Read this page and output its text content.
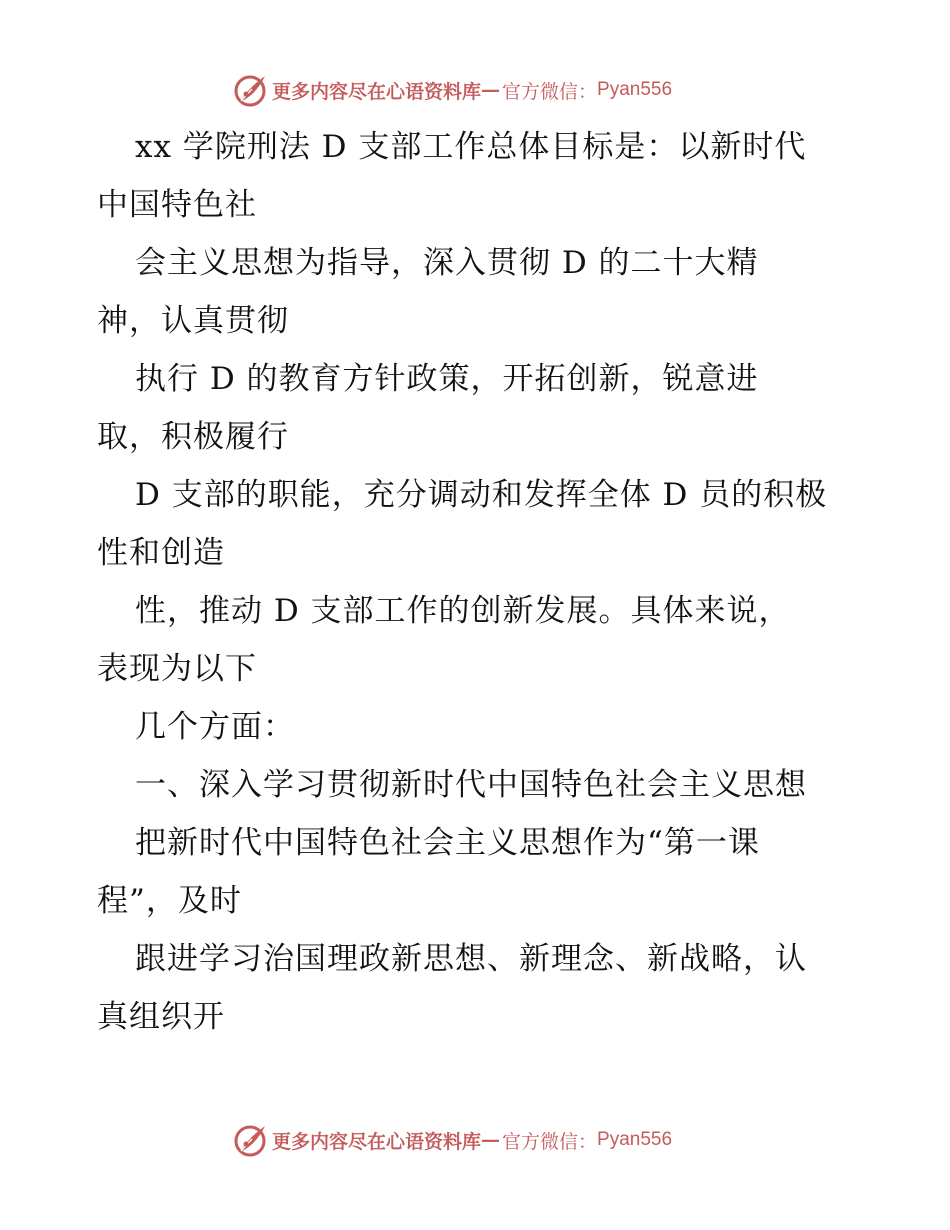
更多内容尽在心语资料库 — 官方微信： Pyan556
xx 学院刑法 D 支部工作总体目标是：以新时代
中国特色社
会主义思想为指导，深入贯彻 D 的二十大精
神，认真贯彻
执行 D 的教育方针政策，开拓创新，锐意进
取，积极履行
D 支部的职能，充分调动和发挥全体 D 员的积极
性和创造
性，推动 D 支部工作的创新发展。具体来说，
表现为以下
几个方面：
一、深入学习贯彻新时代中国特色社会主义思想
把新时代中国特色社会主义思想作为“第一课
程”，及时
跟进学习治国理政新思想、新理念、新战略，认
真组织开
更多内容尽在心语资料库 — 官方微信： Pyan556
